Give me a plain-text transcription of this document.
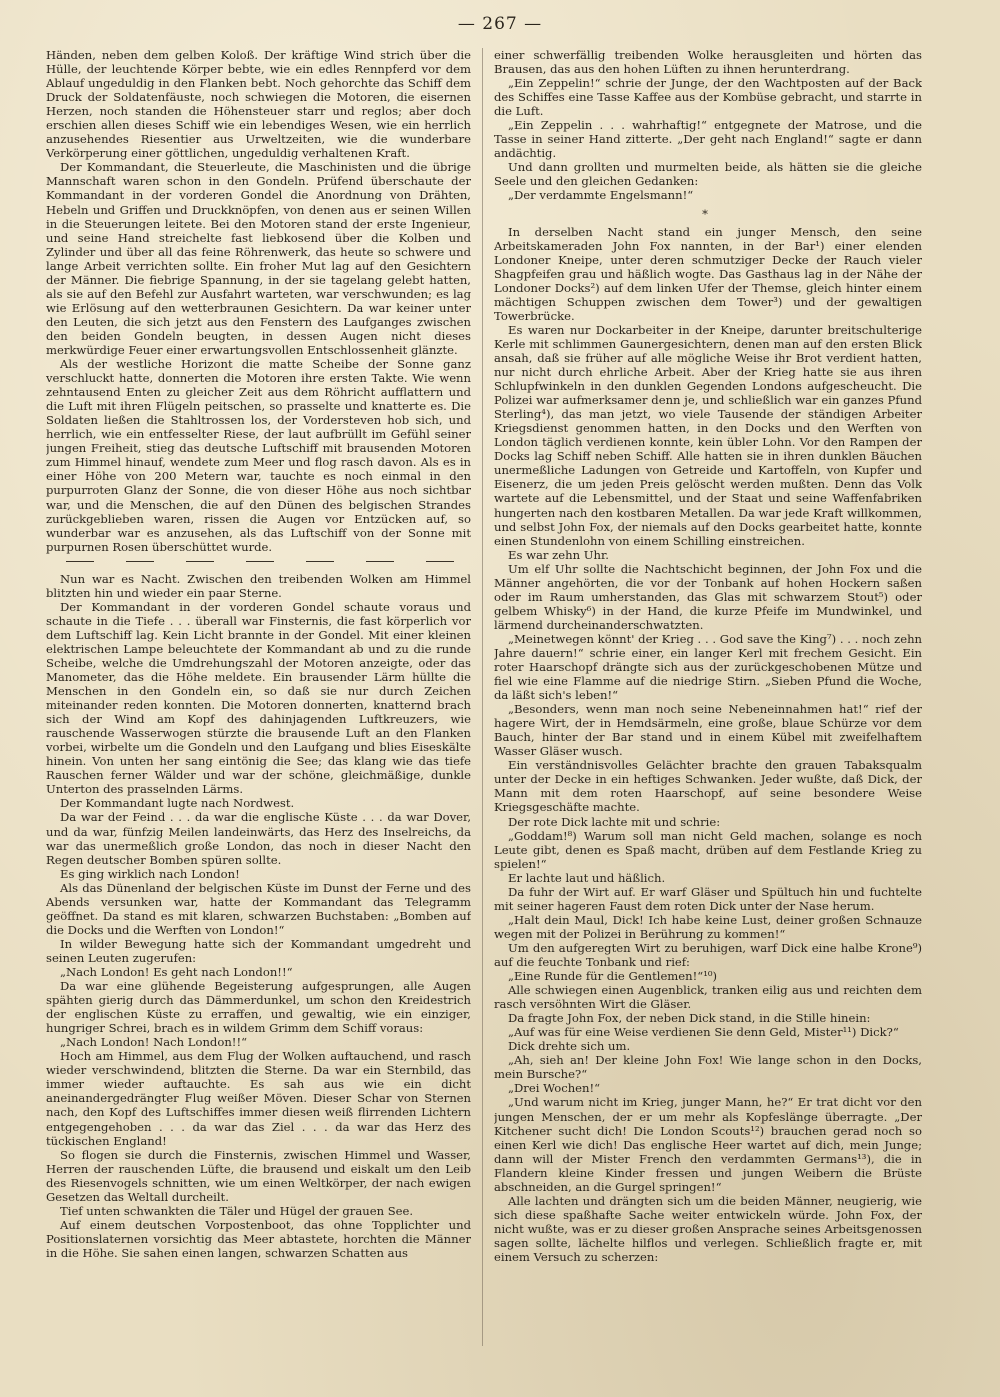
— 267 —

Händen, neben dem gelben Koloß. Der kräftige Wind strich über die Hülle, der leuchtende Körper bebte, wie ein edles Rennpferd vor dem Ablauf ungeduldig in den Flanken bebt. Noch gehorchte das Schiff dem Druck der Soldatenfäuste, noch schwiegen die Motoren, die eisernen Herzen, noch standen die Höhensteuer starr und reglos; aber doch erschien allen dieses Schiff wie ein lebendiges Wesen, wie ein herrlich anzusehendes Riesentier aus Urweltzeiten, wie die wunderbare Verkörperung einer göttlichen, ungeduldig verhaltenen Kraft.

Der Kommandant, die Steuerleute, die Maschinisten und die übrige Mannschaft waren schon in den Gondeln. Prüfend überschaute der Kommandant in der vorderen Gondel die Anordnung von Drähten, Hebeln und Griffen und Druckknöpfen, von denen aus er seinen Willen in die Steuerungen leitete. Bei den Motoren stand der erste Ingenieur, und seine Hand streichelte fast liebkosend über die Kolben und Zylinder und über all das feine Röhrenwerk, das heute so schwere und lange Arbeit verrichten sollte. Ein froher Mut lag auf den Gesichtern der Männer. Die fiebrige Spannung, in der sie tagelang gelebt hatten, als sie auf den Befehl zur Ausfahrt warteten, war verschwunden; es lag wie Erlösung auf den wetterbraunen Gesichtern. Da war keiner unter den Leuten, die sich jetzt aus den Fenstern des Laufganges zwischen den beiden Gondeln beugten, in dessen Augen nicht dieses merkwürdige Feuer einer erwartungsvollen Entschlossenheit glänzte.

Als der westliche Horizont die matte Scheibe der Sonne ganz verschluckt hatte, donnerten die Motoren ihre ersten Takte. Wie wenn zehntausend Enten zu gleicher Zeit aus dem Röhricht aufflattern und die Luft mit ihren Flügeln peitschen, so prasselte und knatterte es. Die Soldaten ließen die Stahltrossen los, der Vordersteven hob sich, und herrlich, wie ein entfesselter Riese, der laut aufbrüllt im Gefühl seiner jungen Freiheit, stieg das deutsche Luftschiff mit brausenden Motoren zum Himmel hinauf, wendete zum Meer und flog rasch davon. Als es in einer Höhe von 200 Metern war, tauchte es noch einmal in den purpurroten Glanz der Sonne, die von dieser Höhe aus noch sichtbar war, und die Menschen, die auf den Dünen des belgischen Strandes zurückgeblieben waren, rissen die Augen vor Entzücken auf, so wunderbar war es anzusehen, als das Luftschiff von der Sonne mit purpurnen Rosen überschüttet wurde.

Nun war es Nacht. Zwischen den treibenden Wolken am Himmel blitzten hin und wieder ein paar Sterne.

Der Kommandant in der vorderen Gondel schaute voraus und schaute in die Tiefe . . . überall war Finsternis, die fast körperlich vor dem Luftschiff lag. Kein Licht brannte in der Gondel. Mit einer kleinen elektrischen Lampe beleuchtete der Kommandant ab und zu die runde Scheibe, welche die Umdrehungszahl der Motoren anzeigte, oder das Manometer, das die Höhe meldete. Ein brausender Lärm hüllte die Menschen in den Gondeln ein, so daß sie nur durch Zeichen miteinander reden konnten. Die Motoren donnerten, knatternd brach sich der Wind am Kopf des dahinjagenden Luftkreuzers, wie rauschende Wasserwogen stürzte die brausende Luft an den Flanken vorbei, wirbelte um die Gondeln und den Laufgang und blies Eiseskälte hinein. Von unten her sang eintönig die See; das klang wie das tiefe Rauschen ferner Wälder und war der schöne, gleichmäßige, dunkle Unterton des prasselnden Lärms.

Der Kommandant lugte nach Nordwest.

Da war der Feind . . . da war die englische Küste . . . da war Dover, und da war, fünfzig Meilen landeinwärts, das Herz des Inselreichs, da war das unermeßlich große London, das noch in dieser Nacht den Regen deutscher Bomben spüren sollte.

Es ging wirklich nach London!

Als das Dünenland der belgischen Küste im Dunst der Ferne und des Abends versunken war, hatte der Kommandant das Telegramm geöffnet. Da stand es mit klaren, schwarzen Buchstaben: „Bomben auf die Docks und die Werften von London!“

In wilder Bewegung hatte sich der Kommandant umgedreht und seinen Leuten zugerufen:

„Nach London! Es geht nach London!!“

Da war eine glühende Begeisterung aufgesprungen, alle Augen spähten gierig durch das Dämmerdunkel, um schon den Kreidestrich der englischen Küste zu erraffen, und gewaltig, wie ein einziger, hungriger Schrei, brach es in wildem Grimm dem Schiff voraus:

„Nach London! Nach London!!“

Hoch am Himmel, aus dem Flug der Wolken auftauchend, und rasch wieder verschwindend, blitzten die Sterne. Da war ein Sternbild, das immer wieder auftauchte. Es sah aus wie ein dicht aneinandergedrängter Flug weißer Möven. Dieser Schar von Sternen nach, den Kopf des Luftschiffes immer diesen weiß flirrenden Lichtern entgegengehoben . . . da war das Ziel . . . da war das Herz des tückischen England!

So flogen sie durch die Finsternis, zwischen Himmel und Wasser, Herren der rauschenden Lüfte, die brausend und eiskalt um den Leib des Riesenvogels schnitten, wie um einen Weltkörper, der nach ewigen Gesetzen das Weltall durcheilt.

Tief unten schwankten die Täler und Hügel der grauen See.

Auf einem deutschen Vorpostenboot, das ohne Topplichter und Positionslaternen vorsichtig das Meer abtastete, horchten die Männer in die Höhe. Sie sahen einen langen, schwarzen Schatten aus

einer schwerfällig treibenden Wolke herausgleiten und hörten das Brausen, das aus den hohen Lüften zu ihnen herunterdrang.

„Ein Zeppelin!“ schrie der Junge, der den Wachtposten auf der Back des Schiffes eine Tasse Kaffee aus der Kombüse gebracht, und starrte in die Luft.

„Ein Zeppelin . . . wahrhaftig!“ entgegnete der Matrose, und die Tasse in seiner Hand zitterte. „Der geht nach England!“ sagte er dann andächtig.

Und dann grollten und murmelten beide, als hätten sie die gleiche Seele und den gleichen Gedanken:

„Der verdammte Engelsmann!“

*

In derselben Nacht stand ein junger Mensch, den seine Arbeitskameraden John Fox nannten, in der Bar¹) einer elenden Londoner Kneipe, unter deren schmutziger Decke der Rauch vieler Shagpfeifen grau und häßlich wogte. Das Gasthaus lag in der Nähe der Londoner Docks²) auf dem linken Ufer der Themse, gleich hinter einem mächtigen Schuppen zwischen dem Tower³) und der gewaltigen Towerbrücke.

Es waren nur Dockarbeiter in der Kneipe, darunter breitschulterige Kerle mit schlimmen Gaunergesichtern, denen man auf den ersten Blick ansah, daß sie früher auf alle mögliche Weise ihr Brot verdient hatten, nur nicht durch ehrliche Arbeit. Aber der Krieg hatte sie aus ihren Schlupfwinkeln in den dunklen Gegenden Londons aufgescheucht. Die Polizei war aufmerksamer denn je, und schließlich war ein ganzes Pfund Sterling⁴), das man jetzt, wo viele Tausende der ständigen Arbeiter Kriegsdienst genommen hatten, in den Docks und den Werften von London täglich verdienen konnte, kein übler Lohn. Vor den Rampen der Docks lag Schiff neben Schiff. Alle hatten sie in ihren dunklen Bäuchen unermeßliche Ladungen von Getreide und Kartoffeln, von Kupfer und Eisenerz, die um jeden Preis gelöscht werden mußten. Denn das Volk wartete auf die Lebensmittel, und der Staat und seine Waffenfabriken hungerten nach den kostbaren Metallen. Da war jede Kraft willkommen, und selbst John Fox, der niemals auf den Docks gearbeitet hatte, konnte einen Stundenlohn von einem Schilling einstreichen.

Es war zehn Uhr.

Um elf Uhr sollte die Nachtschicht beginnen, der John Fox und die Männer angehörten, die vor der Tonbank auf hohen Hockern saßen oder im Raum umherstanden, das Glas mit schwarzem Stout⁵) oder gelbem Whisky⁶) in der Hand, die kurze Pfeife im Mundwinkel, und lärmend durcheinanderschwatzten.

„Meinetwegen könnt' der Krieg . . . God save the King⁷) . . . noch zehn Jahre dauern!“ schrie einer, ein langer Kerl mit frechem Gesicht. Ein roter Haarschopf drängte sich aus der zurückgeschobenen Mütze und fiel wie eine Flamme auf die niedrige Stirn. „Sieben Pfund die Woche, da läßt sich's leben!“

„Besonders, wenn man noch seine Nebeneinnahmen hat!“ rief der hagere Wirt, der in Hemdsärmeln, eine große, blaue Schürze vor dem Bauch, hinter der Bar stand und in einem Kübel mit zweifelhaftem Wasser Gläser wusch.

Ein verständnisvolles Gelächter brachte den grauen Tabaksqualm unter der Decke in ein heftiges Schwanken. Jeder wußte, daß Dick, der Mann mit dem roten Haarschopf, auf seine besondere Weise Kriegsgeschäfte machte.

Der rote Dick lachte mit und schrie:

„Goddam!⁸) Warum soll man nicht Geld machen, solange es noch Leute gibt, denen es Spaß macht, drüben auf dem Festlande Krieg zu spielen!“

Er lachte laut und häßlich.

Da fuhr der Wirt auf. Er warf Gläser und Spültuch hin und fuchtelte mit seiner hageren Faust dem roten Dick unter der Nase herum.

„Halt dein Maul, Dick! Ich habe keine Lust, deiner großen Schnauze wegen mit der Polizei in Berührung zu kommen!“

Um den aufgeregten Wirt zu beruhigen, warf Dick eine halbe Krone⁹) auf die feuchte Tonbank und rief:

„Eine Runde für die Gentlemen!“¹⁰)

Alle schwiegen einen Augenblick, tranken eilig aus und reichten dem rasch versöhnten Wirt die Gläser.

Da fragte John Fox, der neben Dick stand, in die Stille hinein:

„Auf was für eine Weise verdienen Sie denn Geld, Mister¹¹) Dick?“

Dick drehte sich um.

„Ah, sieh an! Der kleine John Fox! Wie lange schon in den Docks, mein Bursche?“

„Drei Wochen!“

„Und warum nicht im Krieg, junger Mann, he?“ Er trat dicht vor den jungen Menschen, der er um mehr als Kopfeslänge überragte. „Der Kitchener sucht dich! Die London Scouts¹²) brauchen gerad noch so einen Kerl wie dich! Das englische Heer wartet auf dich, mein Junge; dann will der Mister French den verdammten Germans¹³), die in Flandern kleine Kinder fressen und jungen Weibern die Brüste abschneiden, an die Gurgel springen!“

Alle lachten und drängten sich um die beiden Männer, neugierig, wie sich diese spaßhafte Sache weiter entwickeln würde. John Fox, der nicht wußte, was er zu dieser großen Ansprache seines Arbeitsgenossen sagen sollte, lächelte hilflos und verlegen. Schließlich fragte er, mit einem Versuch zu scherzen:
